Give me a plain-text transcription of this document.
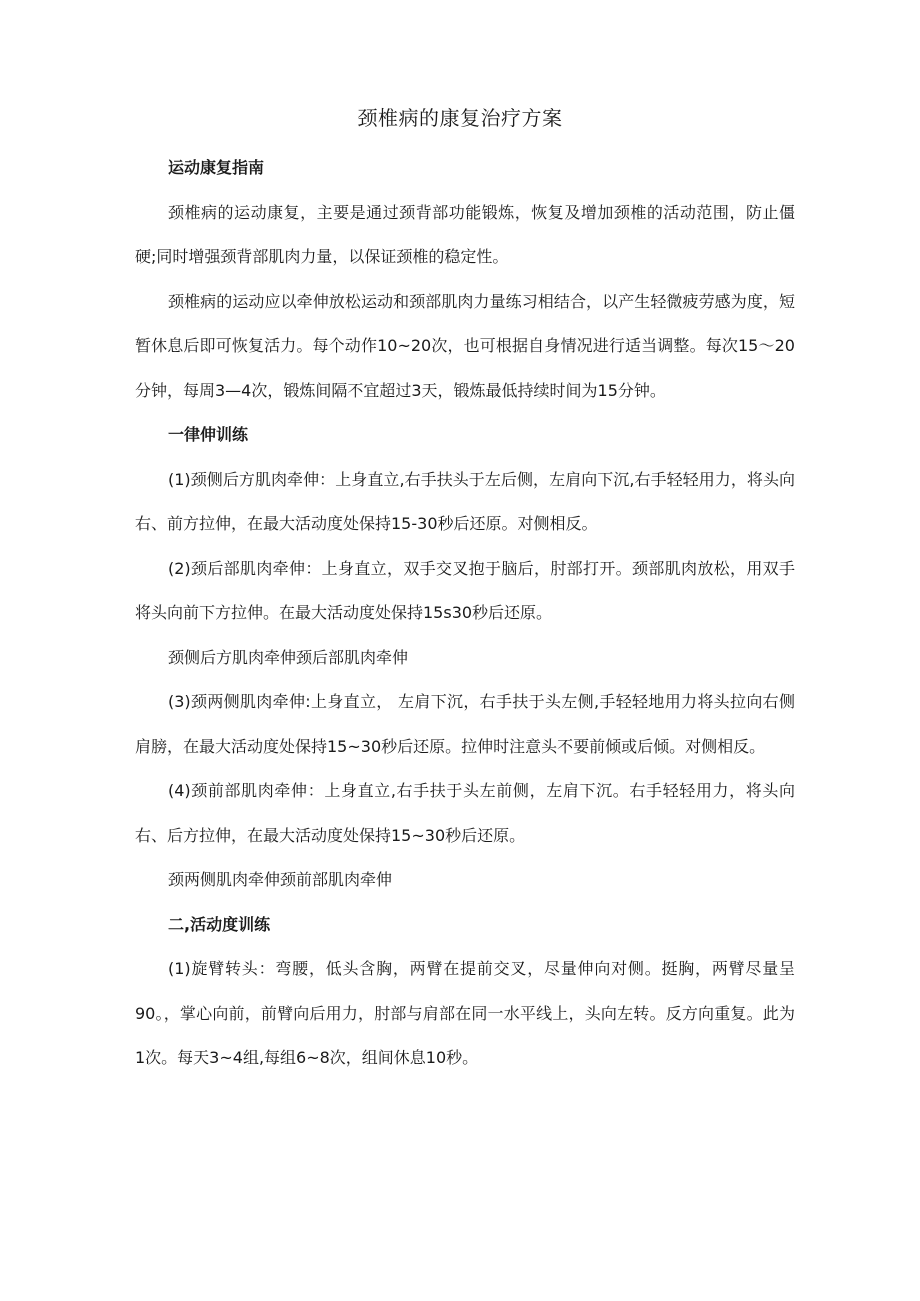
颈椎病的康复治疗方案

运动康复指南

颈椎病的运动康复，主要是通过颈背部功能锻炼，恢复及增加颈椎的活动范围，防止僵硬;同时增强颈背部肌肉力量，以保证颈椎的稳定性。

颈椎病的运动应以牵伸放松运动和颈部肌肉力量练习相结合，以产生轻微疲劳感为度，短暂休息后即可恢复活力。每个动作10~20次，也可根据自身情况进行适当调整。每次15～20分钟，每周3—4次，锻炼间隔不宜超过3天，锻炼最低持续时间为15分钟。

一律伸训练

(1)颈侧后方肌肉牵伸：上身直立,右手扶头于左后侧，左肩向下沉,右手轻轻用力，将头向右、前方拉伸，在最大活动度处保持15-30秒后还原。对侧相反。

(2)颈后部肌肉牵伸：上身直立，双手交叉抱于脑后，肘部打开。颈部肌肉放松，用双手将头向前下方拉伸。在最大活动度处保持15s30秒后还原。

颈侧后方肌肉牵伸颈后部肌肉牵伸

(3)颈两侧肌肉牵伸:上身直立， 左肩下沉，右手扶于头左侧,手轻轻地用力将头拉向右侧肩膀，在最大活动度处保持15~30秒后还原。拉伸时注意头不要前倾或后倾。对侧相反。

(4)颈前部肌肉牵伸：上身直立,右手扶于头左前侧，左肩下沉。右手轻轻用力，将头向右、后方拉伸，在最大活动度处保持15~30秒后还原。

颈两侧肌肉牵伸颈前部肌肉牵伸

二,活动度训练

(1)旋臂转头：弯腰，低头含胸，两臂在提前交叉，尽量伸向对侧。挺胸，两臂尽量呈90。，掌心向前，前臂向后用力，肘部与肩部在同一水平线上，头向左转。反方向重复。此为1次。每天3~4组,每组6~8次，组间休息10秒。
